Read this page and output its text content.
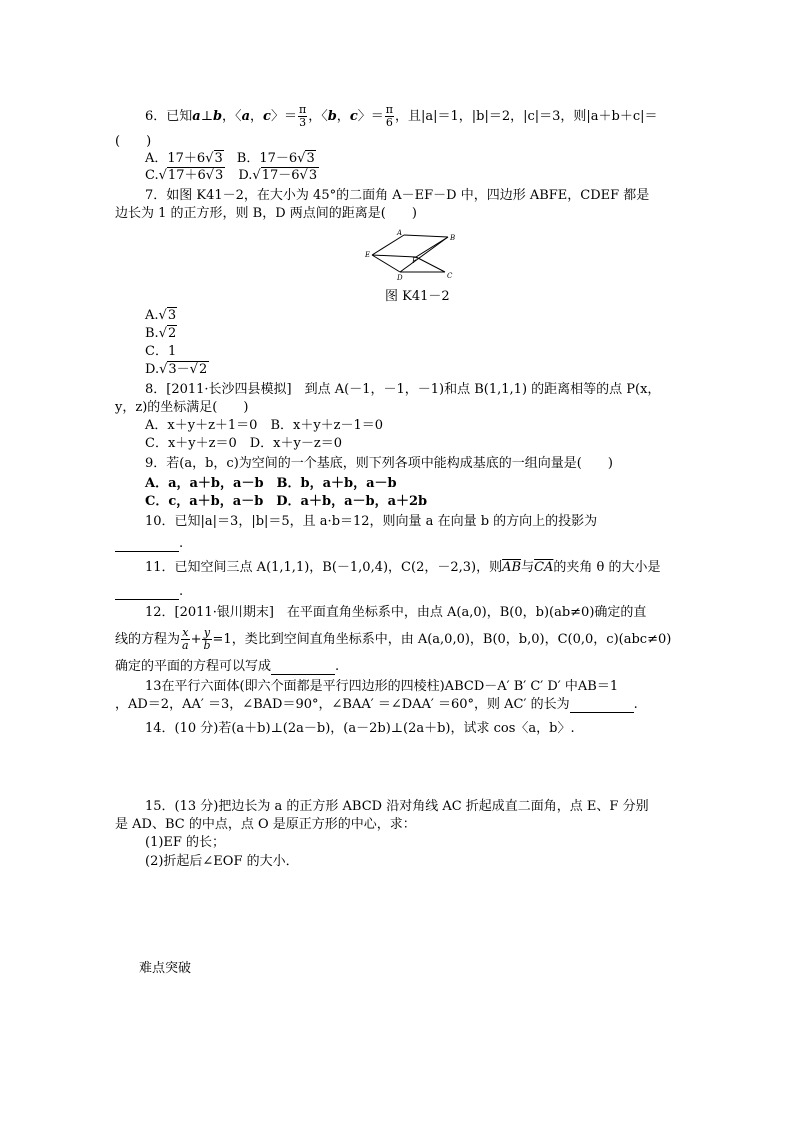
6．已知a⊥b，〈a，c〉＝ $\frac{\pi}{3}$ ，〈b，c〉＝ $\frac{\pi}{6}$ ，且|a|＝1，|b|＝2，|c|＝3，则|a＋b＋c|＝
(　　)
A．17＋6√3　 B．17－6√3
C.√17＋6√3　 D.√17－6√3
7．如图 K41－2，在大小为 45°的二面角 A－EF－D 中，四边形 ABFE，CDEF 都是
边长为 1 的正方形，则 B，D 两点间的距离是(　　)
A
B
E
F
D	C
图 K41－2
A.√3
B.√2
C．1
D.√3－√2
8．[2011·长沙四县模拟]　到点 A(－1，－1，－1)和点 B(1,1,1) 的距离相等的点 P(x，
y，z)的坐标满足(　　)
A．x＋y＋z＋1＝0　B．x＋y＋z－1＝0
C．x＋y＋z＝0　D．x＋y－z＝0
9．若(a，b，c)为空间的一个基底，则下列各项中能构成基底的一组向量是(　　)
A．a，a＋b，a－b　B．b，a＋b，a－b
C．c，a＋b，a－b　D．a＋b，a－b，a＋2b
10．已知|a|＝3，|b|＝5，且 a·b＝12，则向量 a 在向量 b 的方向上的投影为
.
11．已知空间三点 A(1,1,1)，B(－1,0,4)，C(2，－2,3)，则$\overline{AB}$与$\overline{CA}$的夹角 θ 的大小是
.
12．[2011·银川期末]　在平面直角坐标系中，由点 A(a,0)，B(0，b)(ab≠0)确定的直
线的方程为 $\frac{x}{a} + \frac{y}{b} =1$，类比到空间直角坐标系中，由 A(a,0,0)，B(0，b,0)，C(0,0，c)(abc≠0)
确定的平面的方程可以写成	.
13在平行六面体(即六个面都是平行四边形的四棱柱)ABCD－A′ B′ C′ D′ 中AB＝1
，AD＝2，AA′ ＝3，∠BAD＝90°，∠BAA′ ＝∠DAA′ ＝60°，则 AC′ 的长为	.
14．(10 分)若(a＋b)⊥(2a－b)，(a－2b)⊥(2a＋b)，试求 cos〈a，b〉.
15．(13 分)把边长为 a 的正方形 ABCD 沿对角线 AC 折起成直二面角，点 E、F 分别
是 AD、BC 的中点，点 O 是原正方形的中心，求：
(1)EF 的长；
(2)折起后∠EOF 的大小．
难点突破
